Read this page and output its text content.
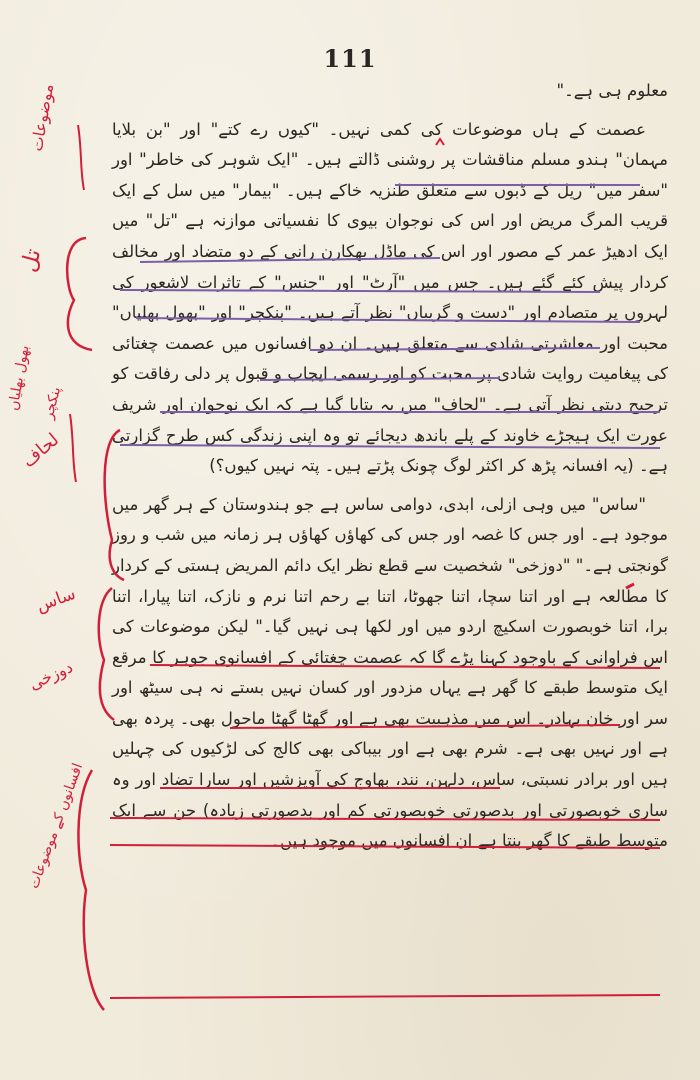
111

معلوم ہی ہے۔"

عصمت کے ہاں موضوعات کی کمی نہیں۔ "کیوں رے کتے" اور "بن بلایا مہمان" ہندو مسلم مناقشات پر روشنی ڈالتے ہیں۔ "ایک شوہر کی خاطر" اور "سفر میں" ریل کے ڈبوں سے متعلق طنزیہ خاکے ہیں۔ "بیمار" میں سل کے ایک قریب المرگ مریض اور اس کی نوجوان بیوی کا نفسیاتی موازنہ ہے "تل" میں ایک ادھیڑ عمر کے مصور اور اس کی ماڈل بھکارن رانی کے دو متضاد اور مخالف کردار پیش کئے گئے ہیں۔ جس میں "آرٹ" اور "جنس" کے تاثرات لاشعور کی لہروں پر متصادم اور "دست و گریباں" نظر آتے ہیں۔ "پنکچر" اور "بھول بھلیاں" محبت اور معاشرتی شادی سے متعلق ہیں۔ ان دو افسانوں میں عصمت چغتائی کی پیغامیت روایت شادی پر محبت کو اور رسمی ایجاب و قبول پر دلی رفاقت کو ترجیح دیتی نظر آتی ہے۔ "لحاف" میں یہ بتایا گیا ہے کہ ایک نوجوان اور شریف عورت ایک ہیجڑے خاوند کے پلے باندھ دیجائے تو وہ اپنی زندگی کس طرح گزارتی ہے۔ (یہ افسانہ پڑھ کر اکثر لوگ چونک پڑتے ہیں۔ پتہ نہیں کیوں؟)

"ساس" میں وہی ازلی، ابدی، دوامی ساس ہے جو ہندوستان کے ہر گھر میں موجود ہے۔ اور جس کا غصہ اور جس کی کھاؤں کھاؤں ہر زمانہ میں شب و روز گونجتی ہے۔" "دوزخی" شخصیت سے قطع نظر ایک دائم المریض ہستی کے کردار کا مطالعہ ہے اور اتنا سچا، اتنا جھوٹا، اتنا بے رحم اتنا نرم و نازک، اتنا پیارا، اتنا برا، اتنا خوبصورت اسکیچ اردو میں اور لکھا ہی نہیں گیا۔" لیکن موضوعات کی اس فراوانی کے باوجود کہنا پڑے گا کہ عصمت چغتائی کے افسانوی جوہر کا مرقع ایک متوسط طبقے کا گھر ہے یہاں مزدور اور کسان نہیں بستے نہ ہی سیٹھ اور سر اور خان بہادر۔ اس میں مذہبیت بھی ہے اور گھٹا گھٹا ماحول بھی۔ پردہ بھی ہے اور نہیں بھی ہے۔ شرم بھی ہے اور بیباکی بھی کالج کی لڑکیوں کی چہلیں ہیں اور برادر نسبتی، ساس، دلہن، نند، بھاوج کی آویزشیں اور سارا تضاد اور وہ ساری خوبصورتی اور بدصورتی خوبصورتی کم اور بدصورتی زیادہ) جن سے ایک متوسط طبقے کا گھر بنتا ہے ان افسانوں میں موجود ہیں۔

موضوعات
تل
بھول بھلیاں پنکچر
لحاف
ساس
دوزخی
افسانوں کے موضوعات
